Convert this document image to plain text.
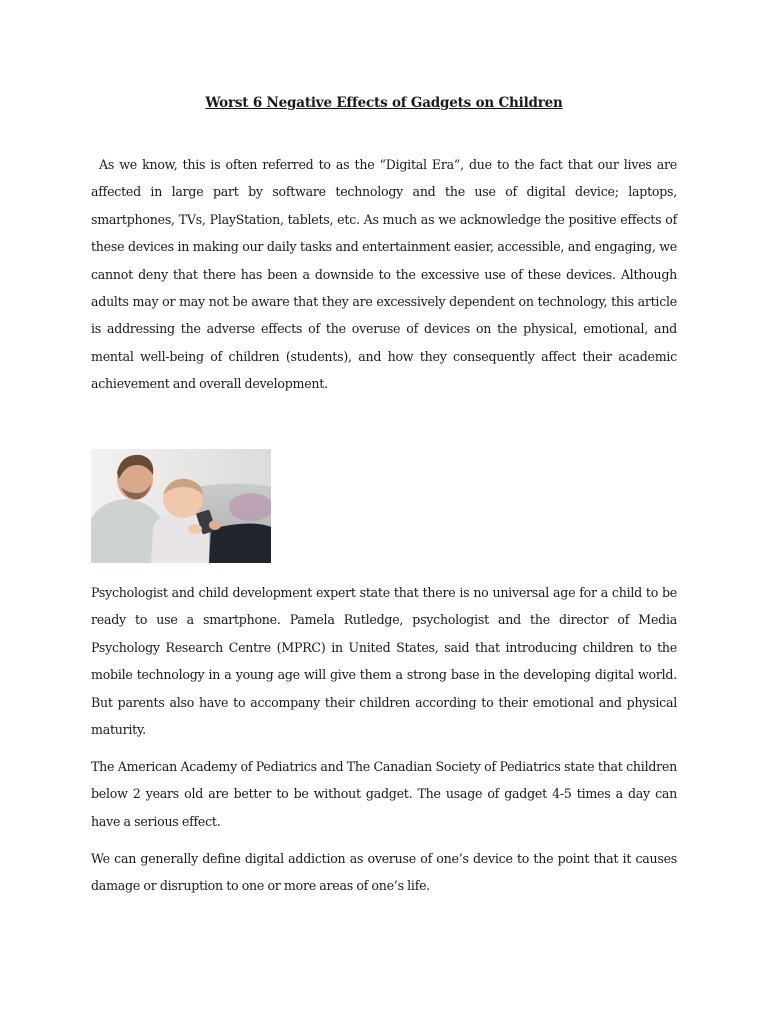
Worst 6 Negative Effects of Gadgets on Children

As we know, this is often referred to as the “Digital Era”, due to the fact that our lives are affected in large part by software technology and the use of digital device; laptops, smartphones, TVs, PlayStation, tablets, etc. As much as we acknowledge the positive effects of these devices in making our daily tasks and entertainment easier, accessible, and engaging, we cannot deny that there has been a downside to the excessive use of these devices. Although adults may or may not be aware that they are excessively dependent on technology, this article is addressing the adverse effects of the overuse of devices on the physical, emotional, and mental well-being of children (students), and how they consequently affect their academic achievement and overall development.

Psychologist and child development expert state that there is no universal age for a child to be ready to use a smartphone. Pamela Rutledge, psychologist and the director of Media Psychology Research Centre (MPRC) in United States, said that introducing children to the mobile technology in a young age will give them a strong base in the developing digital world. But parents also have to accompany their children according to their emotional and physical maturity.

The American Academy of Pediatrics and The Canadian Society of Pediatrics state that children below 2 years old are better to be without gadget. The usage of gadget 4-5 times a day can have a serious effect.

We can generally define digital addiction as overuse of one’s device to the point that it causes damage or disruption to one or more areas of one’s life.
